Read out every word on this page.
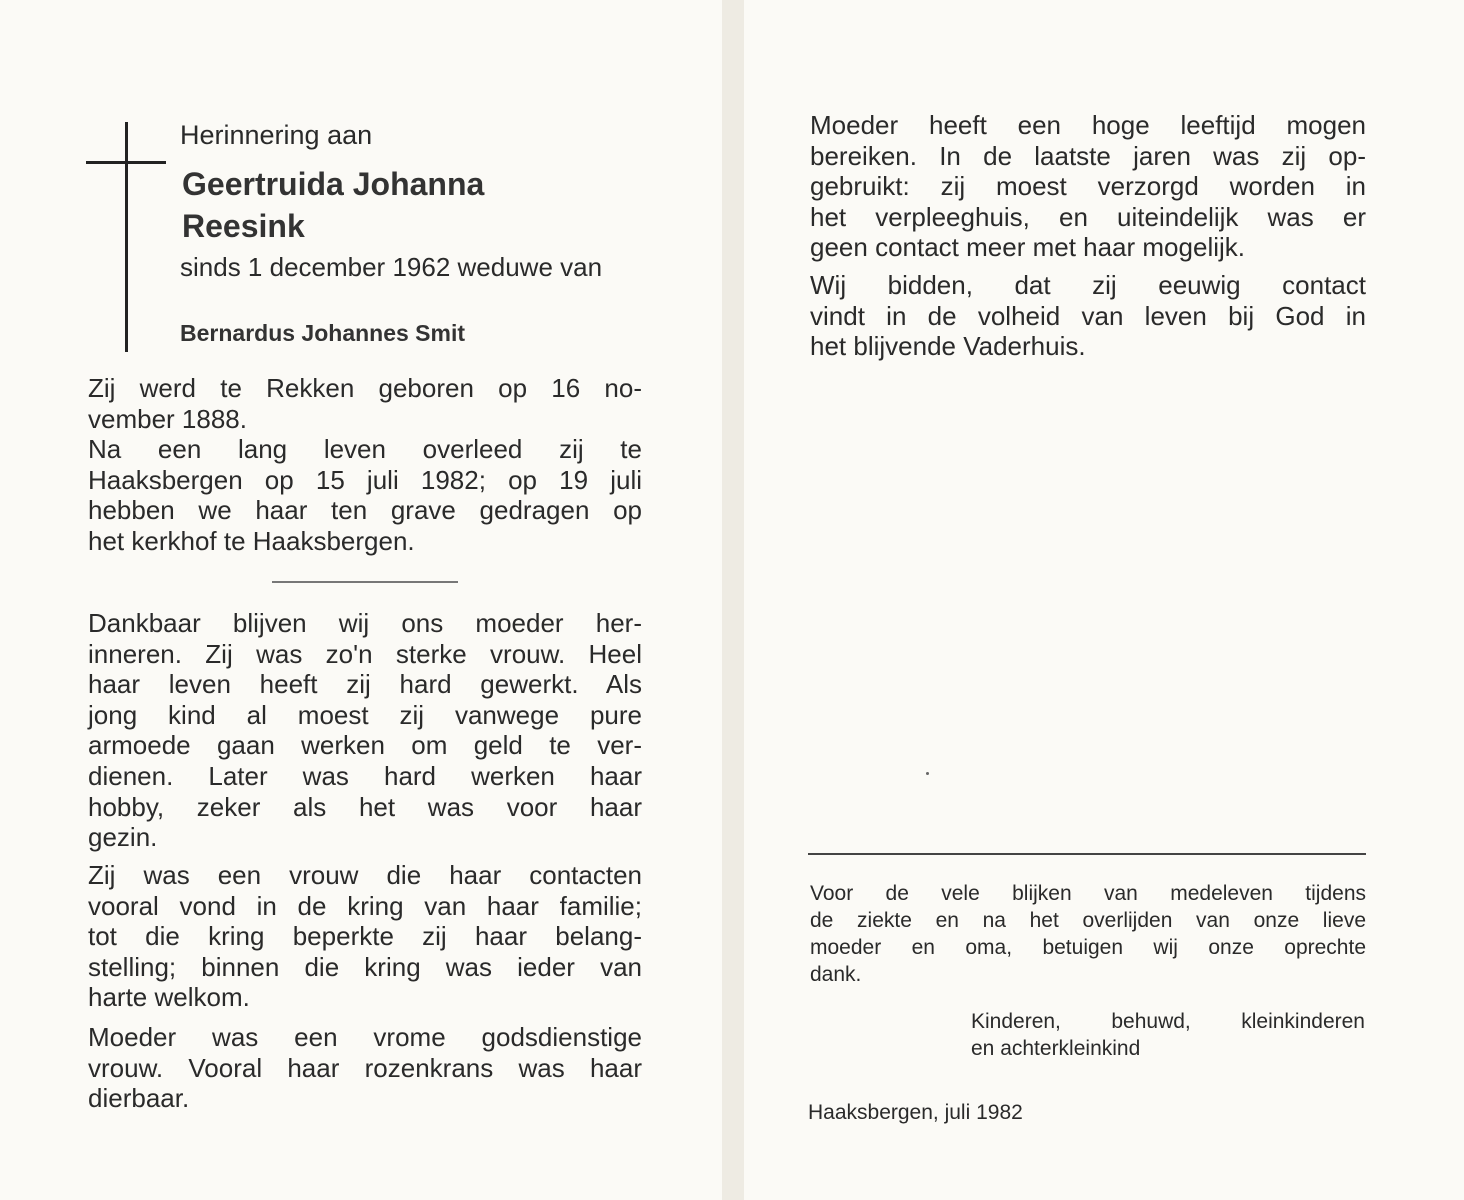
Herinnering aan

Geertruida Johanna
Reesink

sinds 1 december 1962 weduwe van

Bernardus Johannes Smit

Zij werd te Rekken geboren op 16 no-
vember 1888.
Na een lang leven overleed zij te
Haaksbergen op 15 juli 1982; op 19 juli
hebben we haar ten grave gedragen op
het kerkhof te Haaksbergen.
Dankbaar blijven wij ons moeder her-
inneren. Zij was zo'n sterke vrouw. Heel
haar leven heeft zij hard gewerkt. Als
jong kind al moest zij vanwege pure
armoede gaan werken om geld te ver-
dienen. Later was hard werken haar
hobby, zeker als het was voor haar
gezin.
Zij was een vrouw die haar contacten
vooral vond in de kring van haar familie;
tot die kring beperkte zij haar belang-
stelling; binnen die kring was ieder van
harte welkom.
Moeder was een vrome godsdienstige
vrouw. Vooral haar rozenkrans was haar
dierbaar.
Moeder heeft een hoge leeftijd mogen
bereiken. In de laatste jaren was zij op-
gebruikt: zij moest verzorgd worden in
het verpleeghuis, en uiteindelijk was er
geen contact meer met haar mogelijk.
Wij bidden, dat zij eeuwig contact
vindt in de volheid van leven bij God in
het blijvende Vaderhuis.
Voor de vele blijken van medeleven tijdens
de ziekte en na het overlijden van onze lieve
moeder en oma, betuigen wij onze oprechte
dank.
Kinderen, behuwd, kleinkinderen
en achterkleinkind

Haaksbergen, juli 1982
